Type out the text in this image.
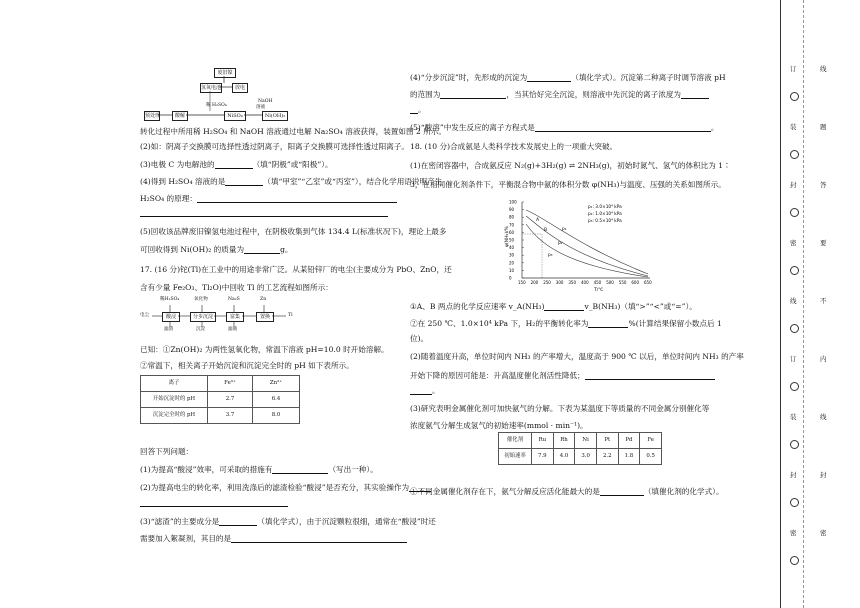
废旧镍
氢氧电池	放电
预处理	酸解	NiSO₄	Ni(OH)₂
稀 H₂SO₄
NaOH
溶液
转化过程中所用稀 H₂SO₄ 和 NaOH 溶液通过电解 Na₂SO₄ 溶液获得，装置如图 2 所示。
(2)如：阴离子交换膜可选择性透过阴离子，阳离子交换膜可选择性透过阳离子。
(3)电极 C 为电解池的	（填“阴极”或“阳极”）。
(4)得到 H₂SO₄ 溶液的是	（填“甲室”“乙室”或“丙室”），结合化学用语说明产生
H₂SO₄ 的原理：
(5)回收该品牌废旧镍氢电池过程中，在阴极收集到气体 134.4 L(标准状况下)，理论上最多
可回收得到 Ni(OH)₂ 的质量为	g。
17. (16 分)铊(Tl)在工业中的用途非常广泛。从某铅锌厂的电尘(主要成分为 PbO、ZnO，还
含有少量 Fe₂O₃、Tl₂O)中回收 Tl 的工艺流程如图所示：
电尘	酸浸	分步沉淀	富集	置换	Tl
稀H₂SO₄	氧化物	Na₂S	Zn
滤渣	沉淀	滤液
已知：①Zn(OH)₂ 为两性氢氧化物，常温下溶液 pH=10.0 时开始溶解。
②常温下，相关离子开始沉淀和沉淀完全时的 pH 如下表所示。
离子	Fe³⁺	Zn²⁺
开始沉淀时的 pH	2.7	6.4
沉淀完全时的 pH	3.7	8.0
回答下列问题：
(1)为提高“酸浸”效率，可采取的措施有	（写出一种）。
(2)为提高电尘的转化率，利用洗涤后的滤渣检验“酸浸”是否充分，其实验操作为
(3)“滤渣”的主要成分是	（填化学式），由于沉淀颗粒很细，通常在“酸浸”时还
需要加入絮凝剂，其目的是
(4)“分步沉淀”时，先形成的沉淀为	（填化学式）。沉淀第二种离子时调节溶液 pH
的范围为	，当其恰好完全沉淀，则溶液中先沉淀的离子浓度为
。
(5)“酸溶”中发生反应的离子方程式是	。
18. (10 分)合成氨是人类科学技术发展史上的一项重大突破。
(1)在密闭容器中，合成氨反应 N₂(g)+3H₂(g) ⇌ 2NH₃(g)，初始时氮气、氢气的体积比为 1∶
3，在相同催化剂条件下，平衡混合物中氨的体积分数 φ(NH₃)与温度、压强的关系如图所示。
φ(NH₃)/%
T/℃
100
90
80
70
60
50
40
30
20
10
0
150 200 250 300 350 400 450 500 550 600 650
A
B	p₁
p₂
p₃
p₁: 3.0×10⁴ kPa
p₂: 1.0×10⁴ kPa
p₃: 0.5×10⁴ kPa
①A、B 两点的化学反应速率 v_A(NH₃)	v_B(NH₃)（填“>”“<”或“=”）。
②在 250 ℃、1.0×10⁴ kPa 下，H₂的平衡转化率为	%(计算结果保留小数点后 1
位)。
(2)随着温度升高，单位时间内 NH₃ 的产率增大，温度高于 900 ℃ 以后，单位时间内 NH₃ 的产率
开始下降的原因可能是：升高温度催化剂活性降低；
。
(3)研究表明金属催化剂可加快氨气的分解。下表为某温度下等质量的不同金属分别催化等
浓度氨气分解生成氢气的初始速率(mmol · min⁻¹)。
催化剂	Ru	Rh	Ni	Pt	Pd	Fe
初始速率	7.9	4.0	3.0	2.2	1.8	0.5
①不同金属催化剂存在下，氨气分解反应活化能最大的是	（填催化剂的化学式）。
订	线
装	题
封	答
密	要
线	不
订	内
装	线
封	封
密	密
